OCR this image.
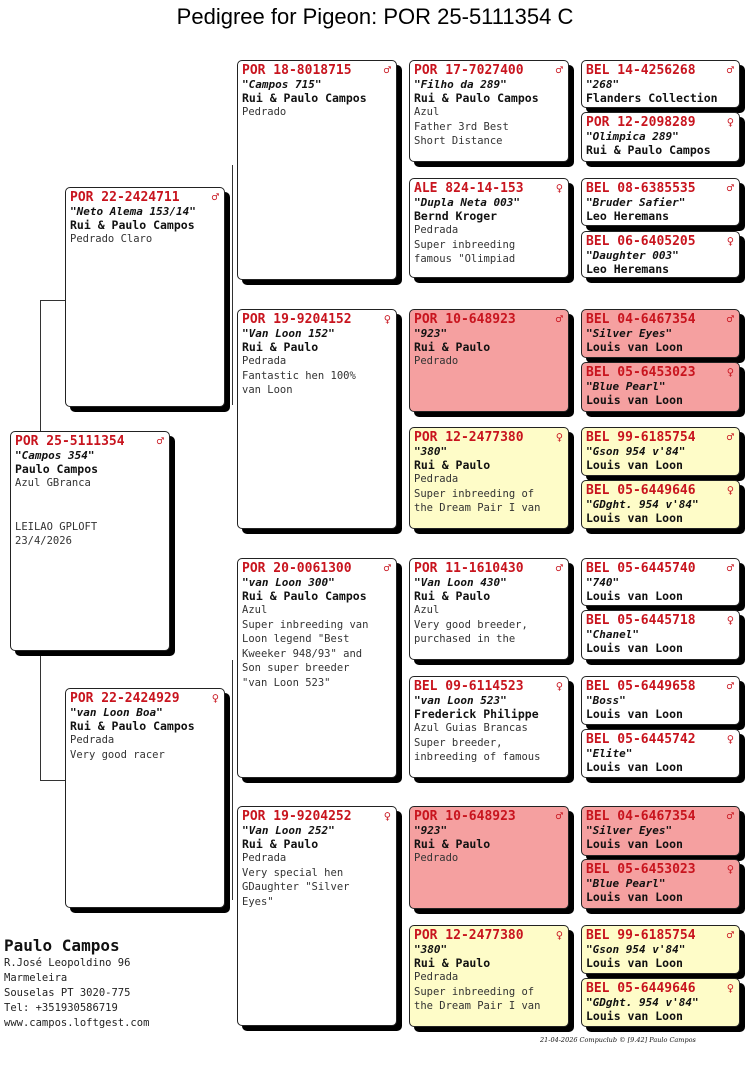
Pedigree for Pigeon: POR 25-5111354 C
POR 25-5111354	♂
"Campos 354"
Paulo Campos
Azul GBranca

LEILAO GPLOFT
23/4/2026
POR 22-2424711	♂
"Neto Alema 153/14"
Rui & Paulo Campos
Pedrado Claro
POR 22-2424929	♀
"van Loon Boa"
Rui & Paulo Campos
Pedrada
Very good racer
POR 18-8018715	♂
"Campos 715"
Rui & Paulo Campos
Pedrado
POR 19-9204152	♀
"Van Loon 152"
Rui & Paulo
Pedrada
Fantastic hen 100%
van Loon
POR 20-0061300	♂
"van Loon 300"
Rui & Paulo Campos
Azul
Super inbreeding van
Loon legend "Best
Kweeker 948/93" and
Son super breeder
"van Loon 523"
POR 19-9204252	♀
"Van Loon 252"
Rui & Paulo
Pedrada
Very special hen
GDaughter "Silver
Eyes"
POR 17-7027400	♂
"Filho da 289"
Rui & Paulo Campos
Azul
Father 3rd Best
Short Distance
ALE 824-14-153	♀
"Dupla Neta 003"
Bernd Kroger
Pedrada
Super inbreeding
famous "Olimpiad
POR 10-648923	♂
"923"
Rui & Paulo
Pedrado
POR 12-2477380	♀
"380"
Rui & Paulo
Pedrada
Super inbreeding of
the Dream Pair I van
POR 11-1610430	♂
"Van Loon 430"
Rui & Paulo
Azul
Very good breeder,
purchased in the
BEL 09-6114523	♀
"van Loon 523"
Frederick Philippe
Azul Guias Brancas
Super breeder,
inbreeding of famous
POR 10-648923	♂
"923"
Rui & Paulo
Pedrado
POR 12-2477380	♀
"380"
Rui & Paulo
Pedrada
Super inbreeding of
the Dream Pair I van
BEL 14-4256268	♂
"268"
Flanders Collection
POR 12-2098289	♀
"Olimpica 289"
Rui & Paulo Campos
BEL 08-6385535	♂
"Bruder Safier"
Leo Heremans
BEL 06-6405205	♀
"Daughter 003"
Leo Heremans
BEL 04-6467354	♂
"Silver Eyes"
Louis van Loon
BEL 05-6453023	♀
"Blue Pearl"
Louis van Loon
BEL 99-6185754	♂
"Gson 954 v'84"
Louis van Loon
BEL 05-6449646	♀
"GDght. 954 v'84"
Louis van Loon
BEL 05-6445740	♂
"740"
Louis van Loon
BEL 05-6445718	♀
"Chanel"
Louis van Loon
BEL 05-6449658	♂
"Boss"
Louis van Loon
BEL 05-6445742	♀
"Elite"
Louis van Loon
BEL 04-6467354	♂
"Silver Eyes"
Louis van Loon
BEL 05-6453023	♀
"Blue Pearl"
Louis van Loon
BEL 99-6185754	♂
"Gson 954 v'84"
Louis van Loon
BEL 05-6449646	♀
"GDght. 954 v'84"
Louis van Loon
Paulo Campos
R.José Leopoldino 96
Marmeleira
Souselas PT 3020-775
Tel: +351930586719
www.campos.loftgest.com
21-04-2026 Compuclub © [9.42] Paulo Campos
